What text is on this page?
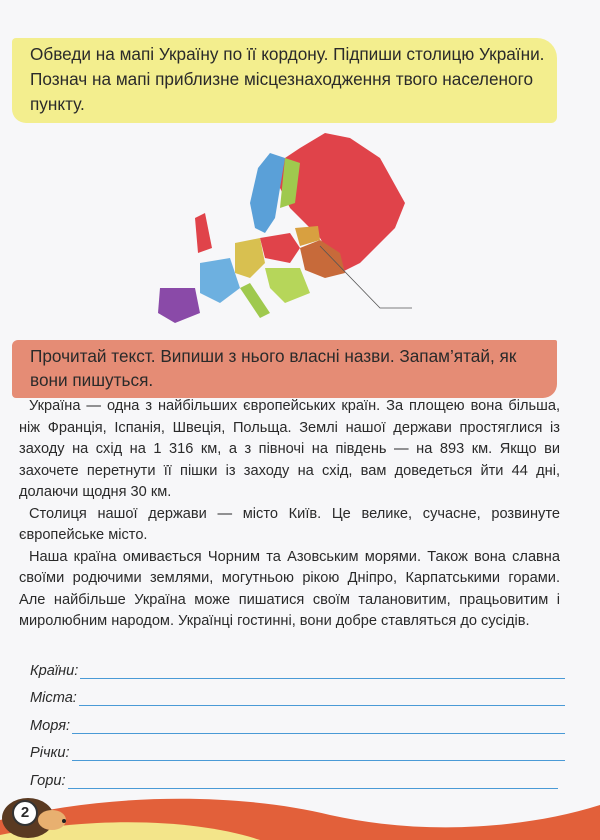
Обведи на мапі Україну по її кордону. Підпиши столицю України. Познач на мапі приблизне місцезнаходження твого населеного пункту.
Прочитай текст. Випиши з нього власні назви. Запам’ятай, як вони пишуться.

Україна — одна з найбільших європейських країн. За площею вона більша, ніж Франція, Іспанія, Швеція, Польща. Землі нашої держави простяглися із заходу на схід на 1 316 км, а з півночі на південь — на 893 км. Якщо ви захочете перетнути її пішки із заходу на схід, вам доведеться йти 44 дні, долаючи щодня 30 км.

Столиця нашої держави — місто Київ. Це велике, сучасне, розвинуте європейське місто.

Наша країна омивається Чорним та Азовським морями. Також вона славна своїми родючими землями, могутньою рікою Дніпро, Карпатськими горами. Але найбільше Україна може пишатися своїм талановитим, працьовитим і миролюбним народом. Українці гостинні, вони добре ставляться до сусідів.

Країни:
Міста:
Моря:
Річки:
Гори:
2
